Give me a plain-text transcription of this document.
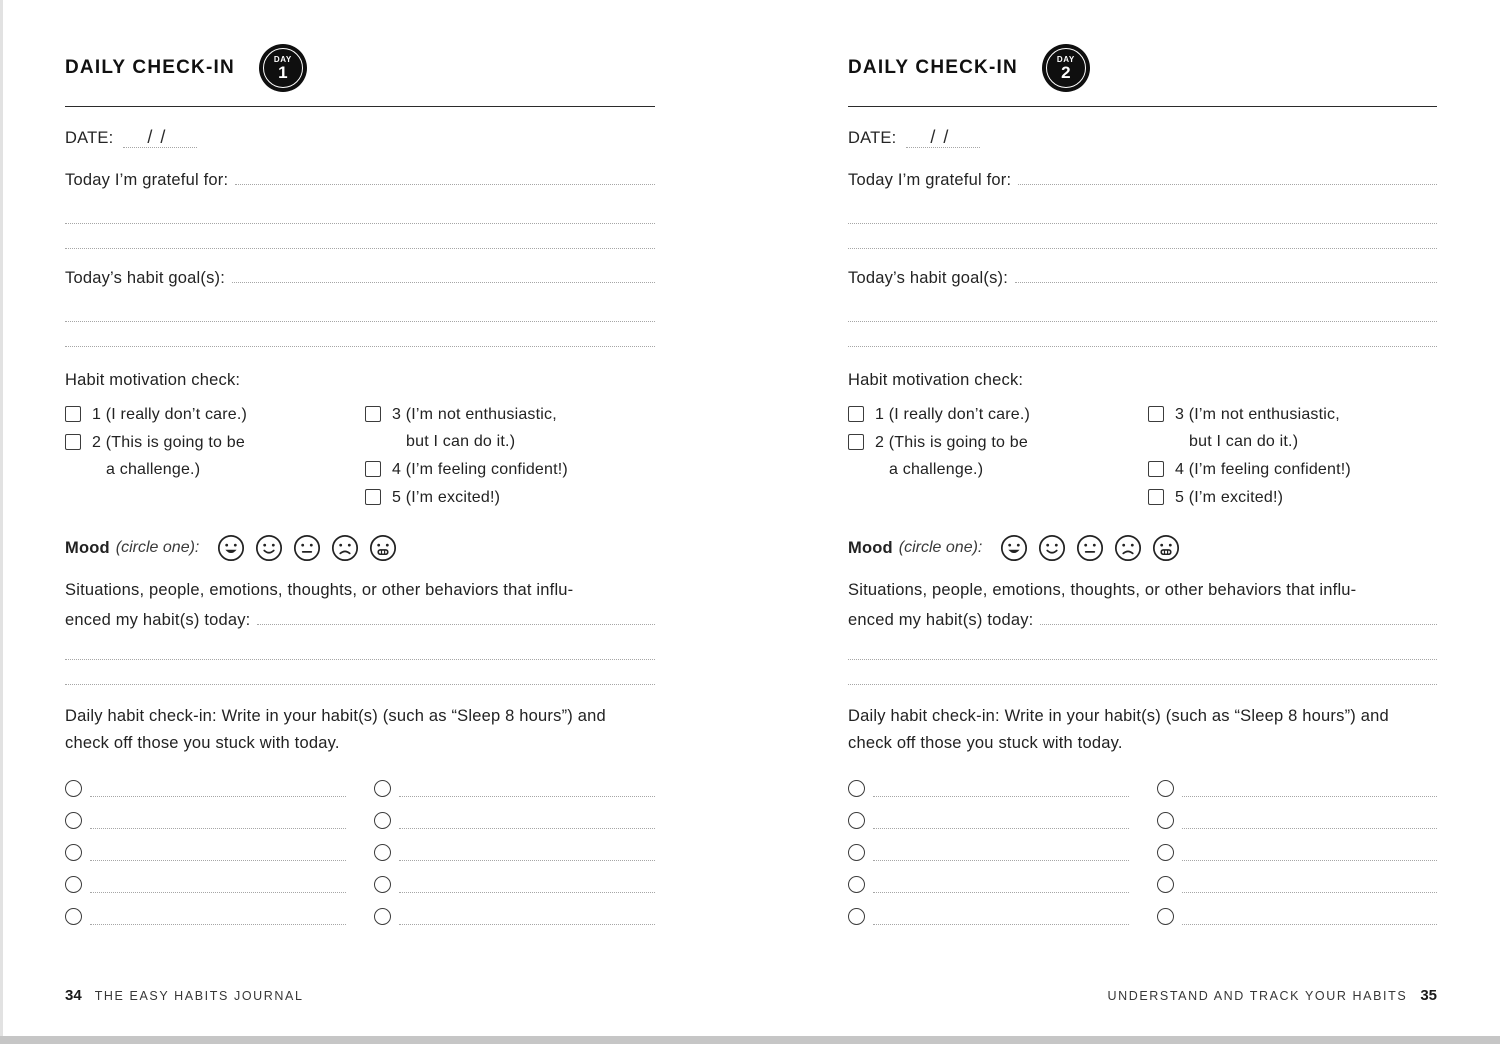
DAILY CHECK-IN	DAY
1
DATE:	//
Today I’m grateful for:
Today’s habit goal(s):
Habit motivation check:
1 (I really don’t care.)
2 (This is going to be
a challenge.)
3 (I’m not enthusiastic,
but I can do it.)
4 (I’m feeling confident!)
5 (I’m excited!)
Mood (circle one):
Situations, people, emotions, thoughts, or other behaviors that influ-
enced my habit(s) today:
Daily habit check-in: Write in your habit(s) (such as “Sleep 8 hours”) and
check off those you stuck with today.
34 THE EASY HABITS JOURNAL
DAILY CHECK-IN	DAY
2
DATE:	//
Today I’m grateful for:
Today’s habit goal(s):
Habit motivation check:
1 (I really don’t care.)
2 (This is going to be
a challenge.)
3 (I’m not enthusiastic,
but I can do it.)
4 (I’m feeling confident!)
5 (I’m excited!)
Mood (circle one):
Situations, people, emotions, thoughts, or other behaviors that influ-
enced my habit(s) today:
Daily habit check-in: Write in your habit(s) (such as “Sleep 8 hours”) and
check off those you stuck with today.
UNDERSTAND AND TRACK YOUR HABITS 35
